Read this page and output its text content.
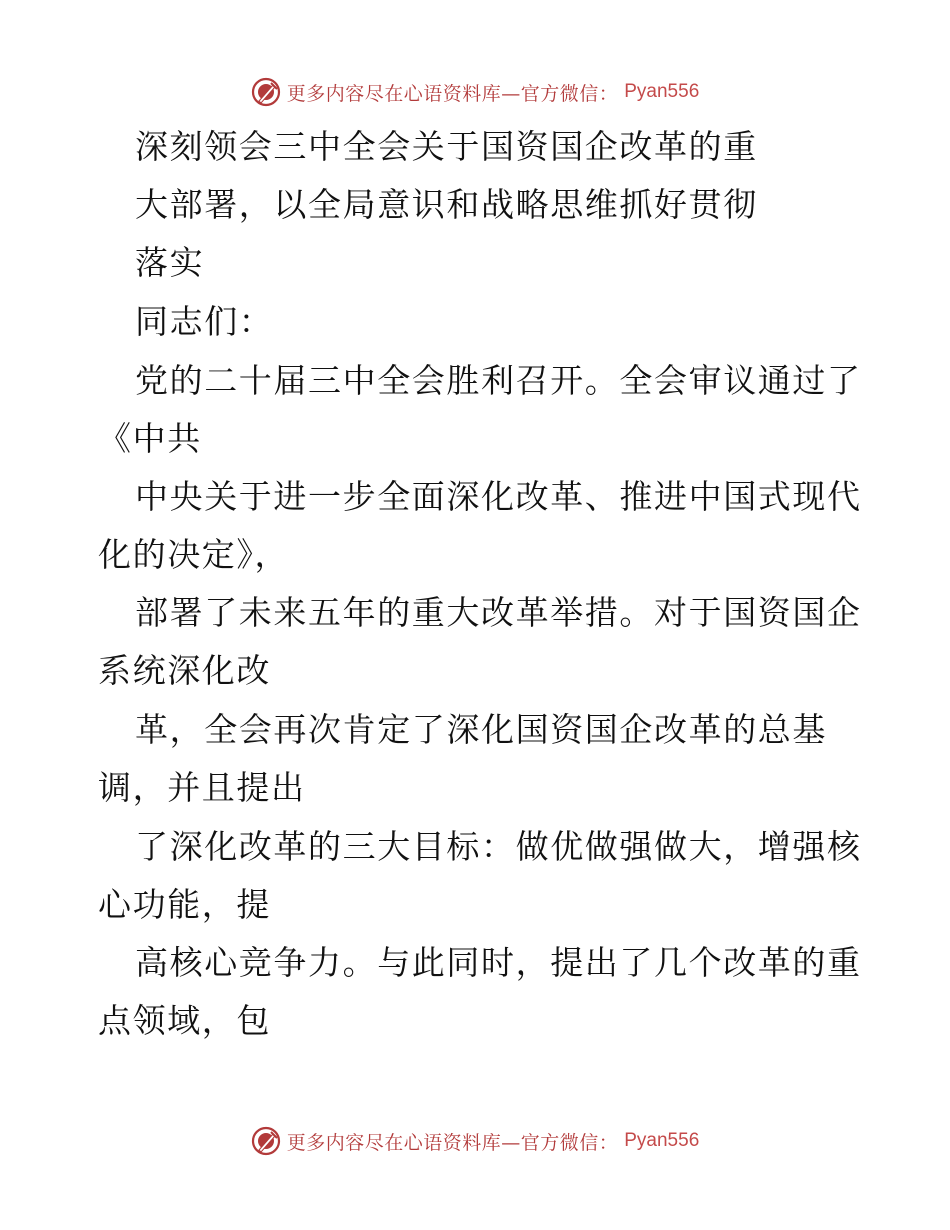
更多内容尽在心语资料库—官方微信： Pyan556
深刻领会三中全会关于国资国企改革的重
大部署，以全局意识和战略思维抓好贯彻
落实
同志们：
党的二十届三中全会胜利召开。全会审议通过了
《中共
中央关于进一步全面深化改革、推进中国式现代
化的决定》，
部署了未来五年的重大改革举措。对于国资国企
系统深化改
革，全会再次肯定了深化国资国企改革的总基
调，并且提出
了深化改革的三大目标：做优做强做大，增强核
心功能，提
高核心竞争力。与此同时，提出了几个改革的重
点领域，包
更多内容尽在心语资料库—官方微信： Pyan556
